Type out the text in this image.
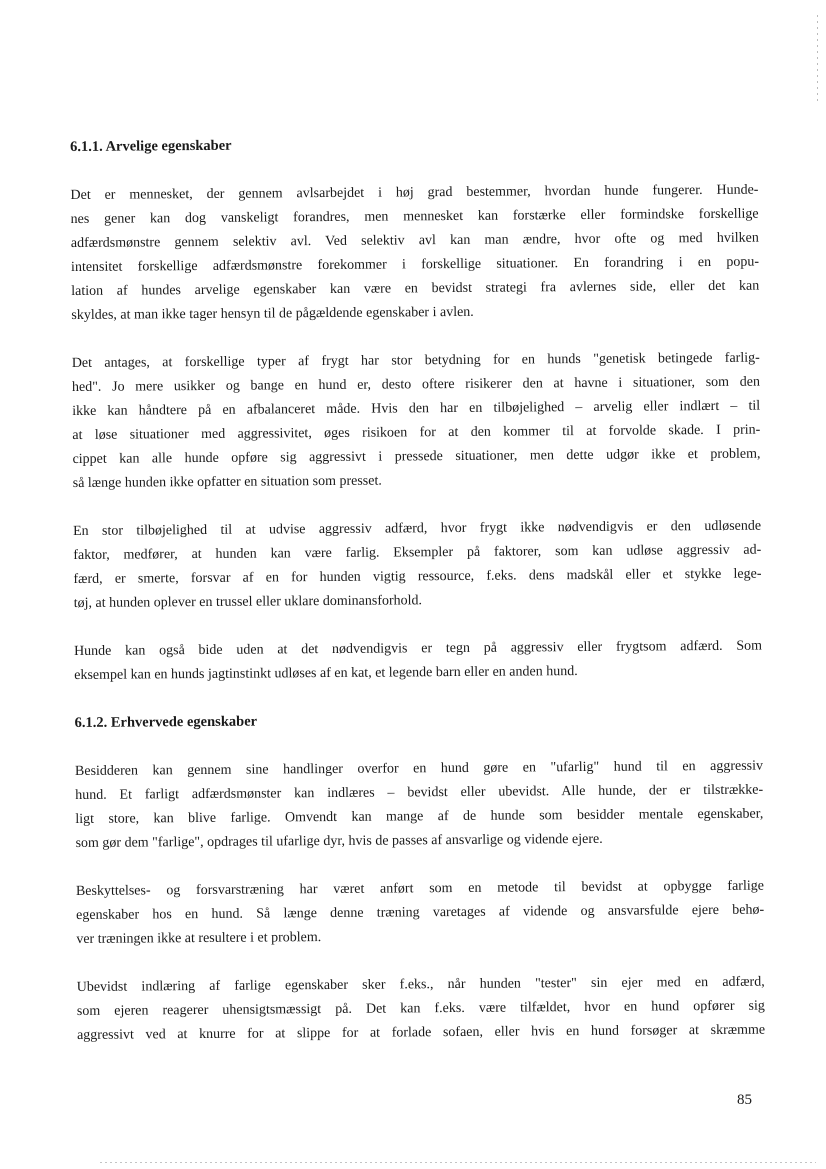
6.1.1. Arvelige egenskaber
Det er mennesket, der gennem avlsarbejdet i høj grad bestemmer, hvordan hunde fungerer. Hunde-
nes gener kan dog vanskeligt forandres, men mennesket kan forstærke eller formindske forskellige
adfærdsmønstre gennem selektiv avl. Ved selektiv avl kan man ændre, hvor ofte og med hvilken
intensitet forskellige adfærdsmønstre forekommer i forskellige situationer. En forandring i en popu-
lation af hundes arvelige egenskaber kan være en bevidst strategi fra avlernes side, eller det kan
skyldes, at man ikke tager hensyn til de pågældende egenskaber i avlen.
Det antages, at forskellige typer af frygt har stor betydning for en hunds "genetisk betingede farlig-
hed". Jo mere usikker og bange en hund er, desto oftere risikerer den at havne i situationer, som den
ikke kan håndtere på en afbalanceret måde. Hvis den har en tilbøjelighed – arvelig eller indlært – til
at løse situationer med aggressivitet, øges risikoen for at den kommer til at forvolde skade. I prin-
cippet kan alle hunde opføre sig aggressivt i pressede situationer, men dette udgør ikke et problem,
så længe hunden ikke opfatter en situation som presset.
En stor tilbøjelighed til at udvise aggressiv adfærd, hvor frygt ikke nødvendigvis er den udløsende
faktor, medfører, at hunden kan være farlig. Eksempler på faktorer, som kan udløse aggressiv ad-
færd, er smerte, forsvar af en for hunden vigtig ressource, f.eks. dens madskål eller et stykke lege-
tøj, at hunden oplever en trussel eller uklare dominansforhold.
Hunde kan også bide uden at det nødvendigvis er tegn på aggressiv eller frygtsom adfærd. Som
eksempel kan en hunds jagtinstinkt udløses af en kat, et legende barn eller en anden hund.
6.1.2. Erhvervede egenskaber
Besidderen kan gennem sine handlinger overfor en hund gøre en "ufarlig" hund til en aggressiv
hund. Et farligt adfærdsmønster kan indlæres – bevidst eller ubevidst. Alle hunde, der er tilstrække-
ligt store, kan blive farlige. Omvendt kan mange af de hunde som besidder mentale egenskaber,
som gør dem "farlige", opdrages til ufarlige dyr, hvis de passes af ansvarlige og vidende ejere.
Beskyttelses- og forsvarstræning har været anført som en metode til bevidst at opbygge farlige
egenskaber hos en hund. Så længe denne træning varetages af vidende og ansvarsfulde ejere behø-
ver træningen ikke at resultere i et problem.
Ubevidst indlæring af farlige egenskaber sker f.eks., når hunden "tester" sin ejer med en adfærd,
som ejeren reagerer uhensigtsmæssigt på. Det kan f.eks. være tilfældet, hvor en hund opfører sig
aggressivt ved at knurre for at slippe for at forlade sofaen, eller hvis en hund forsøger at skræmme
85
